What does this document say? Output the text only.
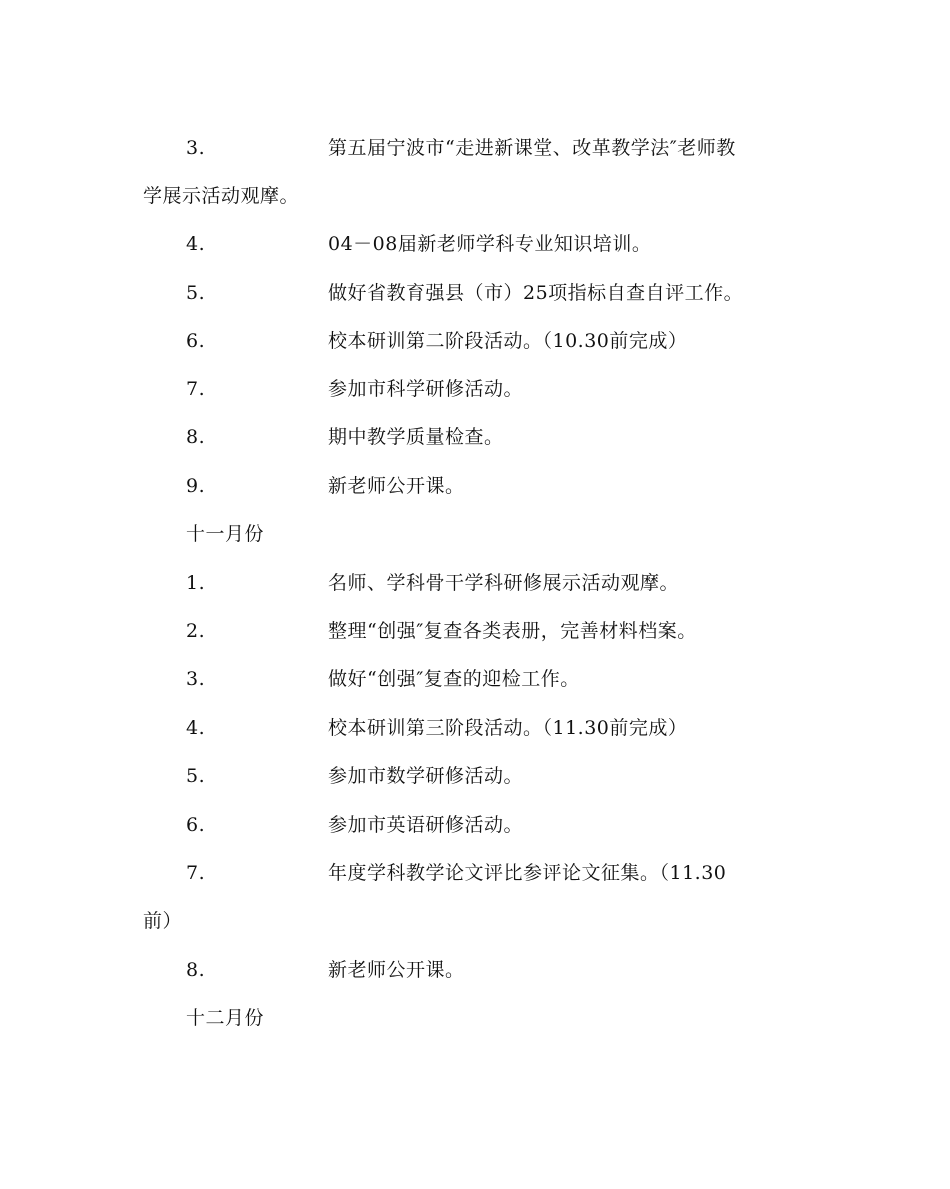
3.	第五届宁波市“走进新课堂、改革教学法″老师教
学展示活动观摩。
4.	04－08届新老师学科专业知识培训。
5.	做好省教育强县（市）25项指标自查自评工作。
6.	校本研训第二阶段活动。（10.30前完成）
7.	参加市科学研修活动。
8.	期中教学质量检查。
9.	新老师公开课。
十一月份
1.	名师、学科骨干学科研修展示活动观摩。
2.	整理“创强″复查各类表册，完善材料档案。
3.	做好“创强″复查的迎检工作。
4.	校本研训第三阶段活动。（11.30前完成）
5.	参加市数学研修活动。
6.	参加市英语研修活动。
7.	年度学科教学论文评比参评论文征集。（11.30
前）
8.	新老师公开课。
十二月份
